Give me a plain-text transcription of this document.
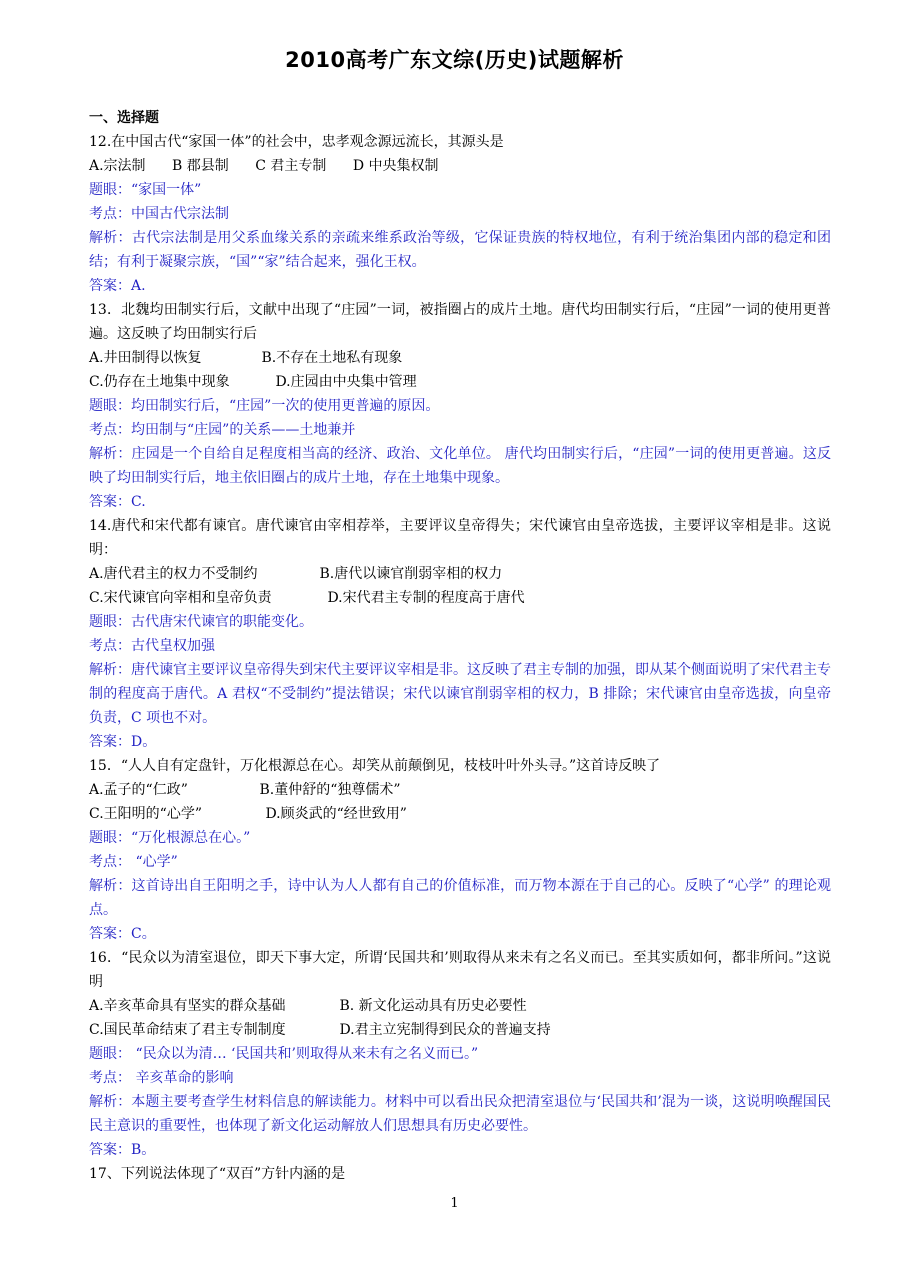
2010高考广东文综(历史)试题解析
一、选择题
12.在中国古代“家国一体”的社会中，忠孝观念源远流长，其源头是
A.宗法制 B 郡县制 C 君主专制 D 中央集权制
题眼：“家国一体”
考点：中国古代宗法制
解析：古代宗法制是用父系血缘关系的亲疏来维系政治等级，它保证贵族的特权地位，有利于统治集团内部的稳定和团结；有利于凝聚宗族，“国”“家”结合起来，强化王权。
答案：A.
13．北魏均田制实行后，文献中出现了“庄园”一词，被指圈占的成片土地。唐代均田制实行后，“庄园”一词的使用更普遍。这反映了均田制实行后
A.井田制得以恢复	B.不存在土地私有现象
C.仍存在土地集中现象	D.庄园由中央集中管理
题眼：均田制实行后，“庄园”一次的使用更普遍的原因。
考点：均田制与“庄园”的关系——土地兼并
解析：庄园是一个自给自足程度相当高的经济、政治、文化单位。 唐代均田制实行后，“庄园”一词的使用更普遍。这反映了均田制实行后，地主依旧圈占的成片土地，存在土地集中现象。
答案：C.
14.唐代和宋代都有谏官。唐代谏官由宰相荐举，主要评议皇帝得失；宋代谏官由皇帝选拔，主要评议宰相是非。这说明：
A.唐代君主的权力不受制约	B.唐代以谏官削弱宰相的权力
C.宋代谏官向宰相和皇帝负责	D.宋代君主专制的程度高于唐代
题眼：古代唐宋代谏官的职能变化。
考点：古代皇权加强
解析：唐代谏官主要评议皇帝得失到宋代主要评议宰相是非。这反映了君主专制的加强，即从某个侧面说明了宋代君主专制的程度高于唐代。A 君权“不受制约”提法错误；宋代以谏官削弱宰相的权力，B 排除；宋代谏官由皇帝选拔，向皇帝负责，C 项也不对。
答案：D。
15．“人人自有定盘针，万化根源总在心。却笑从前颠倒见，枝枝叶叶外头寻。”这首诗反映了
A.孟子的“仁政”	B.董仲舒的“独尊儒术”
C.王阳明的“心学”	D.顾炎武的“经世致用”
题眼：“万化根源总在心。”
考点： “心学”
解析：这首诗出自王阳明之手，诗中认为人人都有自己的价值标准，而万物本源在于自己的心。反映了“心学” 的理论观点。
答案：C。
16．“民众以为清室退位，即天下事大定，所谓‘民国共和’则取得从来未有之名义而已。至其实质如何，都非所问。”这说明
A.辛亥革命具有坚实的群众基础	B. 新文化运动具有历史必要性
C.国民革命结束了君主专制制度	D.君主立宪制得到民众的普遍支持
题眼： “民众以为清… ‘民国共和’则取得从来未有之名义而已。”
考点： 辛亥革命的影响
解析：本题主要考查学生材料信息的解读能力。材料中可以看出民众把清室退位与‘民国共和’混为一谈，这说明唤醒国民民主意识的重要性，也体现了新文化运动解放人们思想具有历史必要性。
答案：B。
17、下列说法体现了“双百”方针内涵的是
1
